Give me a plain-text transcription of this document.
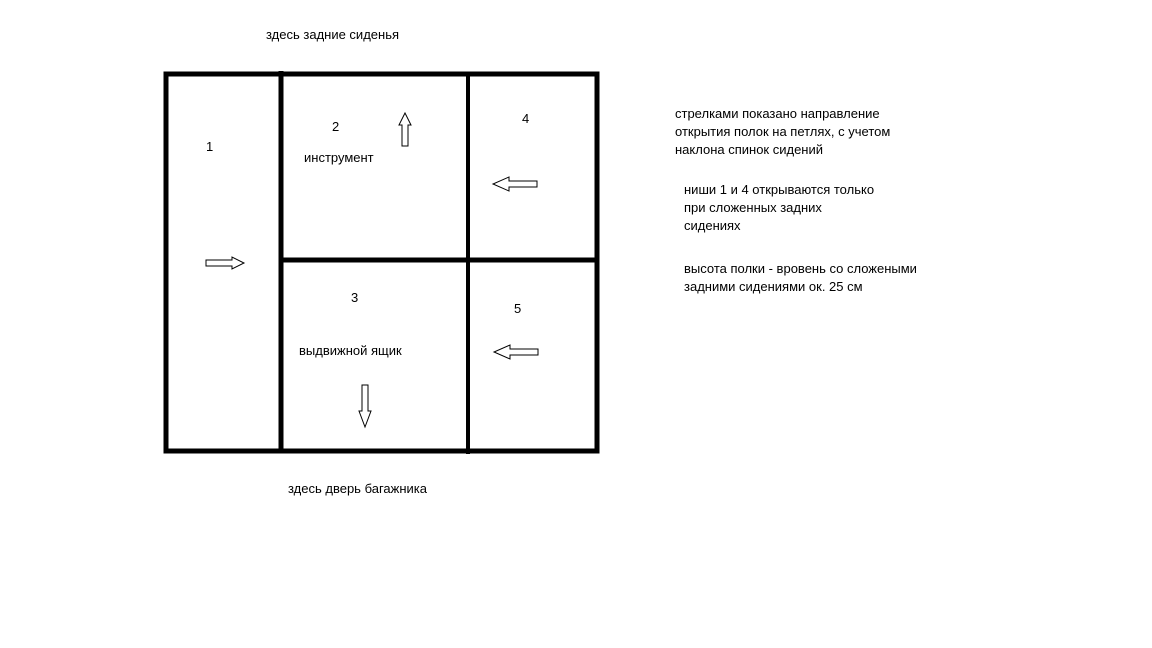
здесь задние сиденья
1
2
инструмент
3
выдвижной ящик
4
5
здесь дверь багажника
стрелками показано направление
открытия полок на петлях, с учетом
наклона спинок сидений
ниши 1 и 4 открываются только
при сложенных задних
сидениях
высота полки - вровень со сложеными
задними сидениями ок. 25 см
